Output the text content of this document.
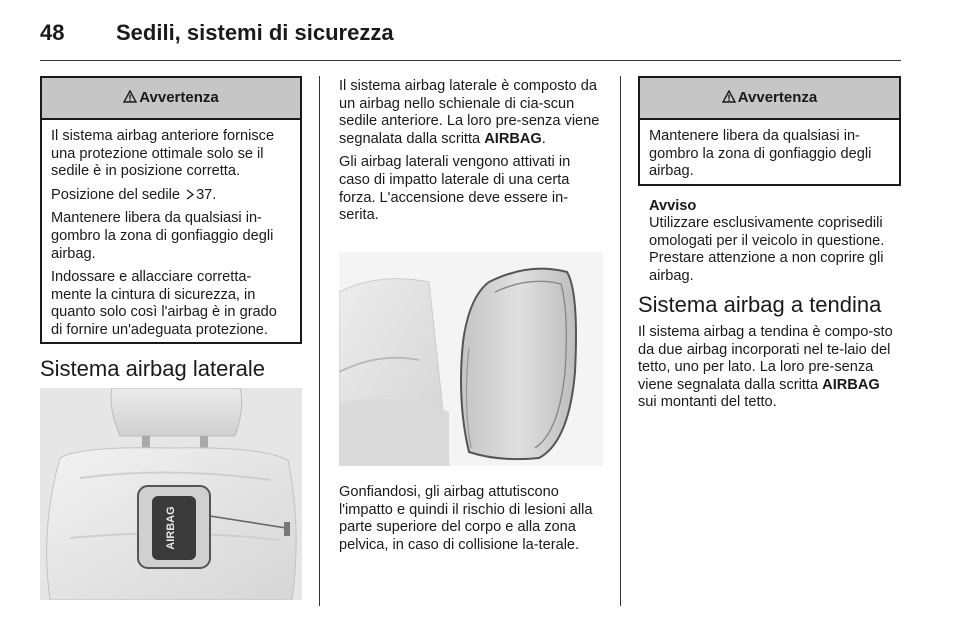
48 Sedili, sistemi di sicurezza
Avvertenza

Il sistema airbag anteriore fornisce una protezione ottimale solo se il sedile è in posizione corretta.

Posizione del sedile 37.

Mantenere libera da qualsiasi in-gombro la zona di gonfiaggio degli airbag.

Indossare e allacciare corretta-mente la cintura di sicurezza, in quanto solo così l'airbag è in grado di fornire un'adeguata protezione.

Sistema airbag laterale
AIRBAG

Il sistema airbag laterale è composto da un airbag nello schienale di cia-scun sedile anteriore. La loro pre-senza viene segnalata dalla scritta AIRBAG.

Gli airbag laterali vengono attivati in caso di impatto laterale di una certa forza. L'accensione deve essere in-serita.

Gonfiandosi, gli airbag attutiscono l'impatto e quindi il rischio di lesioni alla parte superiore del corpo e alla zona pelvica, in caso di collisione la-terale.

Avvertenza

Mantenere libera da qualsiasi in-gombro la zona di gonfiaggio degli airbag.

Avviso
Utilizzare esclusivamente coprisedili omologati per il veicolo in questione. Prestare attenzione a non coprire gli airbag.
Sistema airbag a tendina

Il sistema airbag a tendina è compo-sto da due airbag incorporati nel te-laio del tetto, uno per lato. La loro pre-senza viene segnalata dalla scritta AIRBAG sui montanti del tetto.
